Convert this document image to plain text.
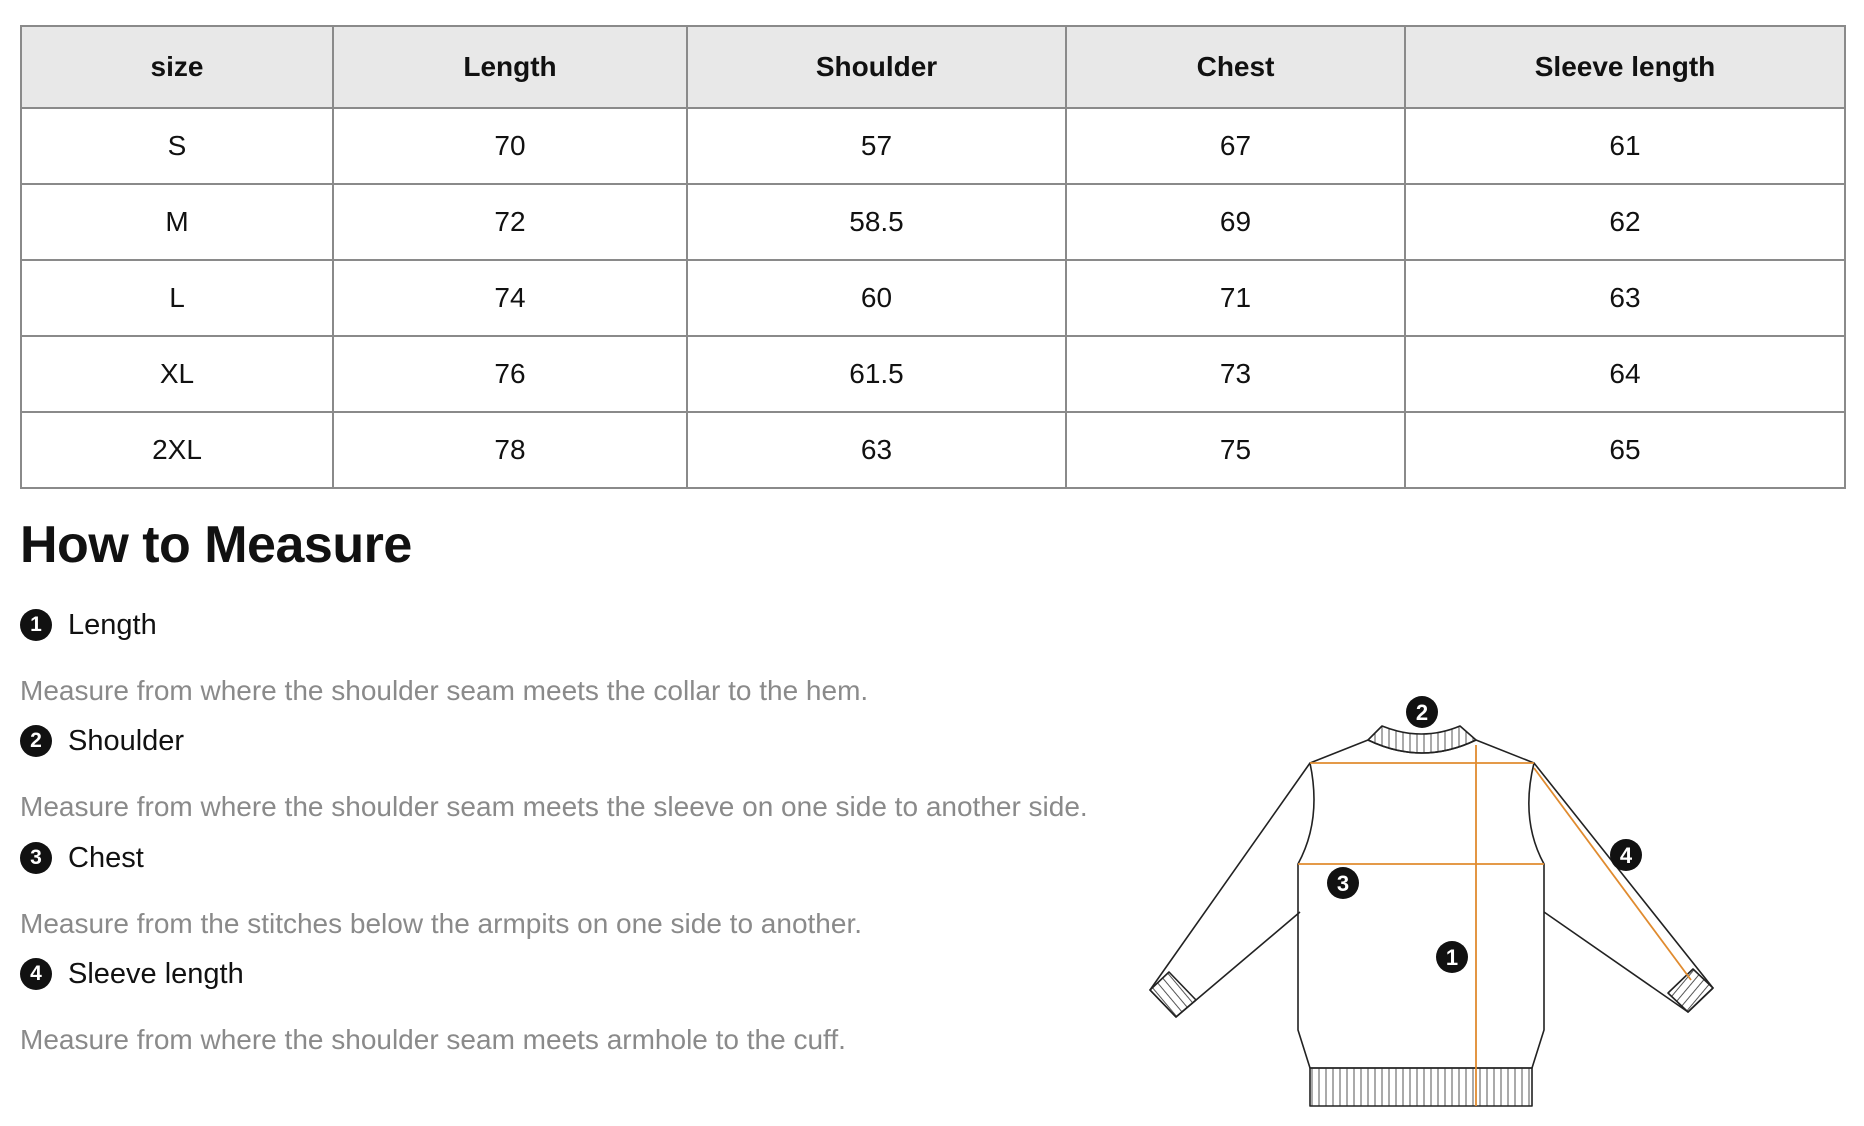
size	Length	Shoulder	Chest	Sleeve length
S	70	57	67	61
M	72	58.5	69	62
L	74	60	71	63
XL	76	61.5	73	64
2XL	78	63	75	65
How to Measure
1 Length
Measure from where the shoulder seam meets the collar to the hem.
2 Shoulder
Measure from where the shoulder seam meets the sleeve on one side to another side.
3 Chest
Measure from the stitches below the armpits on one side to another.
4 Sleeve length
Measure from where the shoulder seam meets armhole to the cuff.
2
3
4
1
